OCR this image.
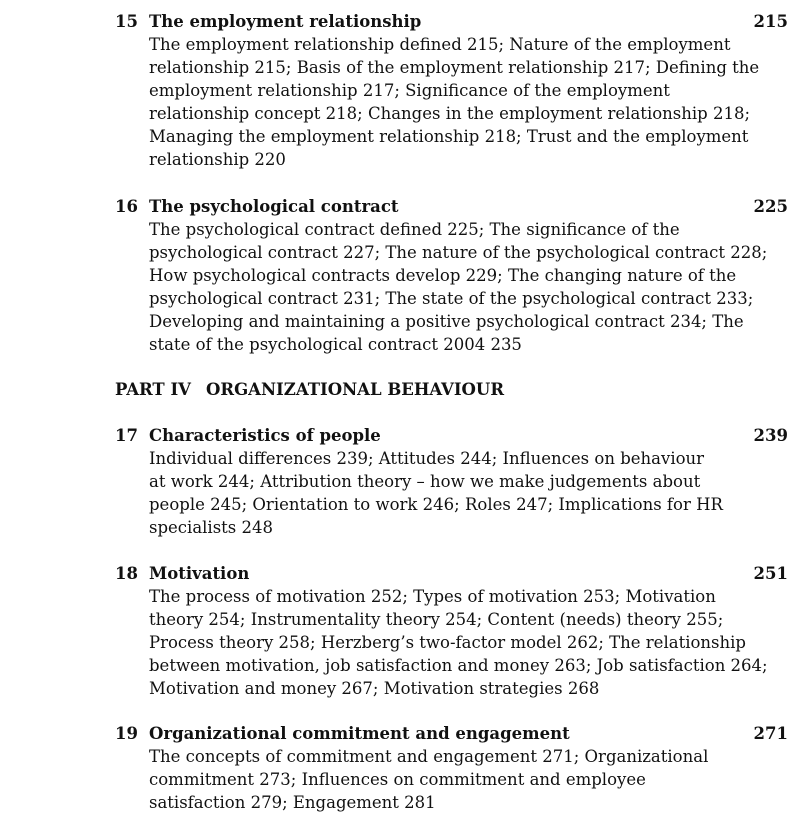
15 The employment relationship	215
The employment relationship defined 215; Nature of the employment
relationship 215; Basis of the employment relationship 217; Defining the
employment relationship 217; Significance of the employment
relationship concept 218; Changes in the employment relationship 218;
Managing the employment relationship 218; Trust and the employment
relationship 220
16 The psychological contract	225
The psychological contract defined 225; The significance of the
psychological contract 227; The nature of the psychological contract 228;
How psychological contracts develop 229; The changing nature of the
psychological contract 231; The state of the psychological contract 233;
Developing and maintaining a positive psychological contract 234; The
state of the psychological contract 2004 235
PART IV ORGANIZATIONAL BEHAVIOUR
17 Characteristics of people	239
Individual differences 239; Attitudes 244; Influences on behaviour
at work 244; Attribution theory – how we make judgements about
people 245; Orientation to work 246; Roles 247; Implications for HR
specialists 248
18 Motivation	251
The process of motivation 252; Types of motivation 253; Motivation
theory 254; Instrumentality theory 254; Content (needs) theory 255;
Process theory 258; Herzberg’s two-factor model 262; The relationship
between motivation, job satisfaction and money 263; Job satisfaction 264;
Motivation and money 267; Motivation strategies 268
19 Organizational commitment and engagement	271
The concepts of commitment and engagement 271; Organizational
commitment 273; Influences on commitment and employee
satisfaction 279; Engagement 281
